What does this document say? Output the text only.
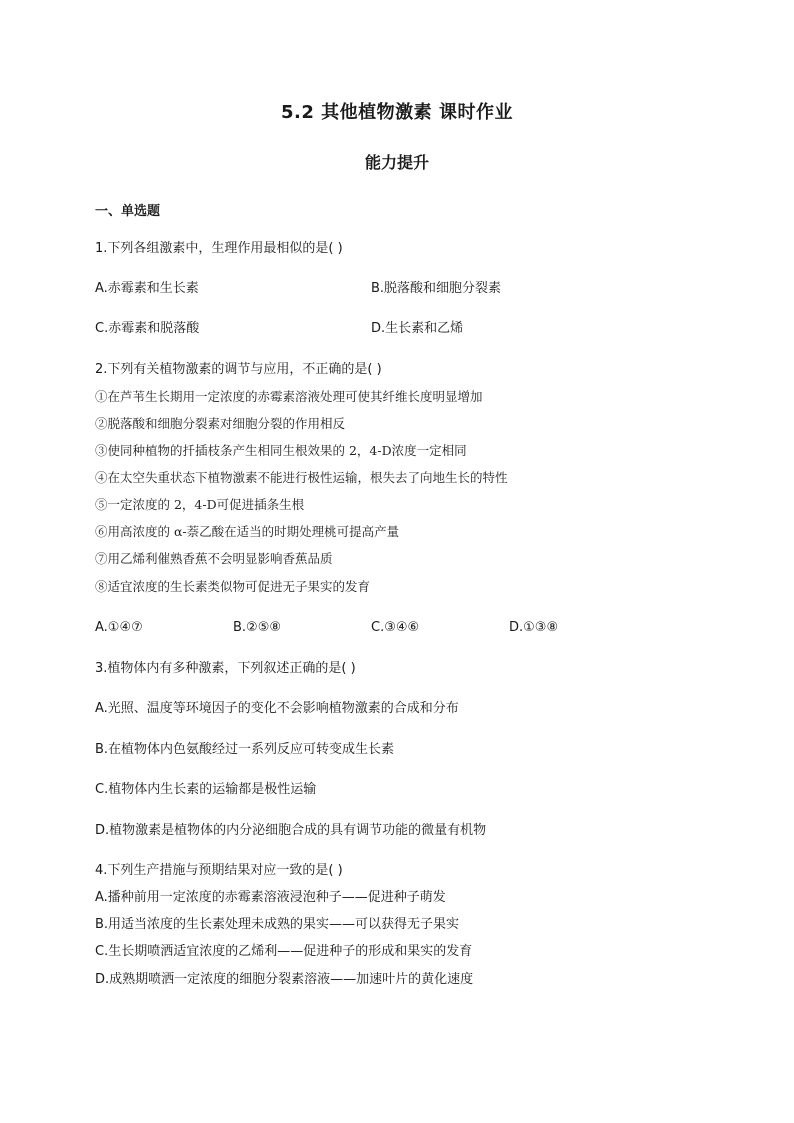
5.2 其他植物激素 课时作业
能力提升
一、单选题
1.下列各组激素中，生理作用最相似的是( )
A.赤霉素和生长素	B.脱落酸和细胞分裂素
C.赤霉素和脱落酸	D.生长素和乙烯
2.下列有关植物激素的调节与应用，不正确的是( )
①在芦苇生长期用一定浓度的赤霉素溶液处理可使其纤维长度明显增加
②脱落酸和细胞分裂素对细胞分裂的作用相反
③使同种植物的扦插枝条产生相同生根效果的 2，4-D浓度一定相同
④在太空失重状态下植物激素不能进行极性运输，根失去了向地生长的特性
⑤一定浓度的 2，4-D可促进插条生根
⑥用高浓度的 α-萘乙酸在适当的时期处理桃可提高产量
⑦用乙烯利催熟香蕉不会明显影响香蕉品质
⑧适宜浓度的生长素类似物可促进无子果实的发育
A.①④⑦	B.②⑤⑧	C.③④⑥	D.①③⑧
3.植物体内有多种激素，下列叙述正确的是( )
A.光照、温度等环境因子的变化不会影响植物激素的合成和分布
B.在植物体内色氨酸经过一系列反应可转变成生长素
C.植物体内生长素的运输都是极性运输
D.植物激素是植物体的内分泌细胞合成的具有调节功能的微量有机物
4.下列生产措施与预期结果对应一致的是( )
A.播种前用一定浓度的赤霉素溶液浸泡种子——促进种子萌发
B.用适当浓度的生长素处理未成熟的果实——可以获得无子果实
C.生长期喷洒适宜浓度的乙烯利——促进种子的形成和果实的发育
D.成熟期喷洒一定浓度的细胞分裂素溶液——加速叶片的黄化速度
